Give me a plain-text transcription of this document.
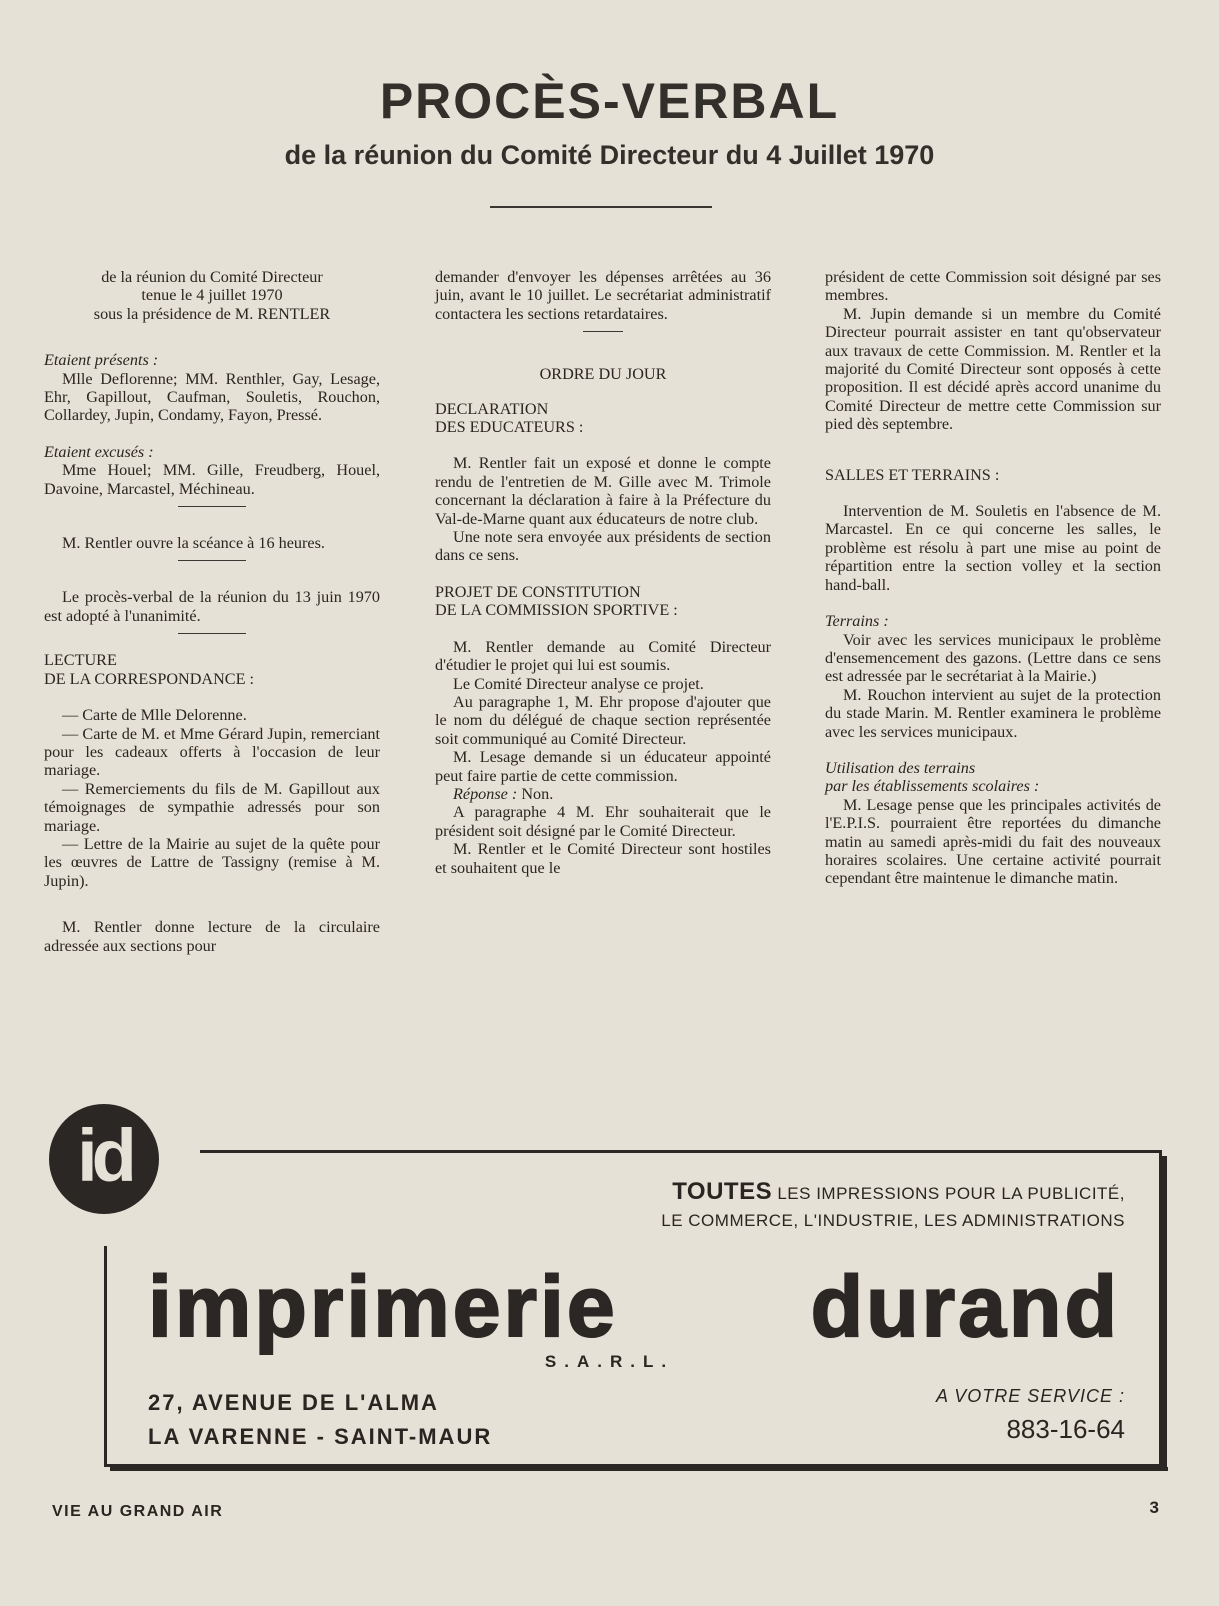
PROCÈS-VERBAL
de la réunion du Comité Directeur du 4 Juillet 1970

de la réunion du Comité Directeur

tenue le 4 juillet 1970

sous la présidence de M. RENTLER

Etaient présents :

Mlle Deflorenne; MM. Renthler, Gay, Lesage, Ehr, Gapillout, Caufman, Souletis, Rouchon, Collardey, Jupin, Condamy, Fayon, Pressé.

Etaient excusés :

Mme Houel; MM. Gille, Freudberg, Houel, Davoine, Marcastel, Méchineau.

M. Rentler ouvre la scéance à 16 heures.

Le procès-verbal de la réunion du 13 juin 1970 est adopté à l'unanimité.

LECTURE

DE LA CORRESPONDANCE :

— Carte de Mlle Delorenne.

— Carte de M. et Mme Gérard Jupin, remerciant pour les cadeaux offerts à l'occasion de leur mariage.

— Remerciements du fils de M. Gapillout aux témoignages de sympathie adressés pour son mariage.

— Lettre de la Mairie au sujet de la quête pour les œuvres de Lattre de Tassigny (remise à M. Jupin).

M. Rentler donne lecture de la circulaire adressée aux sections pour

demander d'envoyer les dépenses arrêtées au 36 juin, avant le 10 juillet. Le secrétariat administratif contactera les sections retardataires.

ORDRE DU JOUR

DECLARATION

DES EDUCATEURS :

M. Rentler fait un exposé et donne le compte rendu de l'entretien de M. Gille avec M. Trimole concernant la déclaration à faire à la Préfecture du Val-de-Marne quant aux éducateurs de notre club.

Une note sera envoyée aux présidents de section dans ce sens.

PROJET DE CONSTITUTION

DE LA COMMISSION SPORTIVE :

M. Rentler demande au Comité Directeur d'étudier le projet qui lui est soumis.

Le Comité Directeur analyse ce projet.

Au paragraphe 1, M. Ehr propose d'ajouter que le nom du délégué de chaque section représentée soit communiqué au Comité Directeur.

M. Lesage demande si un éducateur appointé peut faire partie de cette commission.

Réponse : Non.

A paragraphe 4 M. Ehr souhaiterait que le président soit désigné par le Comité Directeur.

M. Rentler et le Comité Directeur sont hostiles et souhaitent que le

président de cette Commission soit désigné par ses membres.

M. Jupin demande si un membre du Comité Directeur pourrait assister en tant qu'observateur aux travaux de cette Commission. M. Rentler et la majorité du Comité Directeur sont opposés à cette proposition. Il est décidé après accord unanime du Comité Directeur de mettre cette Commission sur pied dès septembre.

SALLES ET TERRAINS :

Intervention de M. Souletis en l'absence de M. Marcastel. En ce qui concerne les salles, le problème est résolu à part une mise au point de répartition entre la section volley et la section hand-ball.

Terrains :

Voir avec les services municipaux le problème d'ensemencement des gazons. (Lettre dans ce sens est adressée par le secrétariat à la Mairie.)

M. Rouchon intervient au sujet de la protection du stade Marin. M. Rentler examinera le problème avec les services municipaux.

Utilisation des terrains

par les établissements scolaires :

M. Lesage pense que les principales activités de l'E.P.I.S. pourraient être reportées du dimanche matin au samedi après-midi du fait des nouveaux horaires scolaires. Une certaine activité pourrait cependant être maintenue le dimanche matin.

id	TOUTES LES IMPRESSIONS POUR LA PUBLICITÉ,
LE COMMERCE, L'INDUSTRIE, LES ADMINISTRATIONS
imprimerie durand
S.A.R.L.
27, AVENUE DE L'ALMA
LA VARENNE - SAINT-MAUR
A VOTRE SERVICE :
883-16-64
VIE AU GRAND AIR	3
